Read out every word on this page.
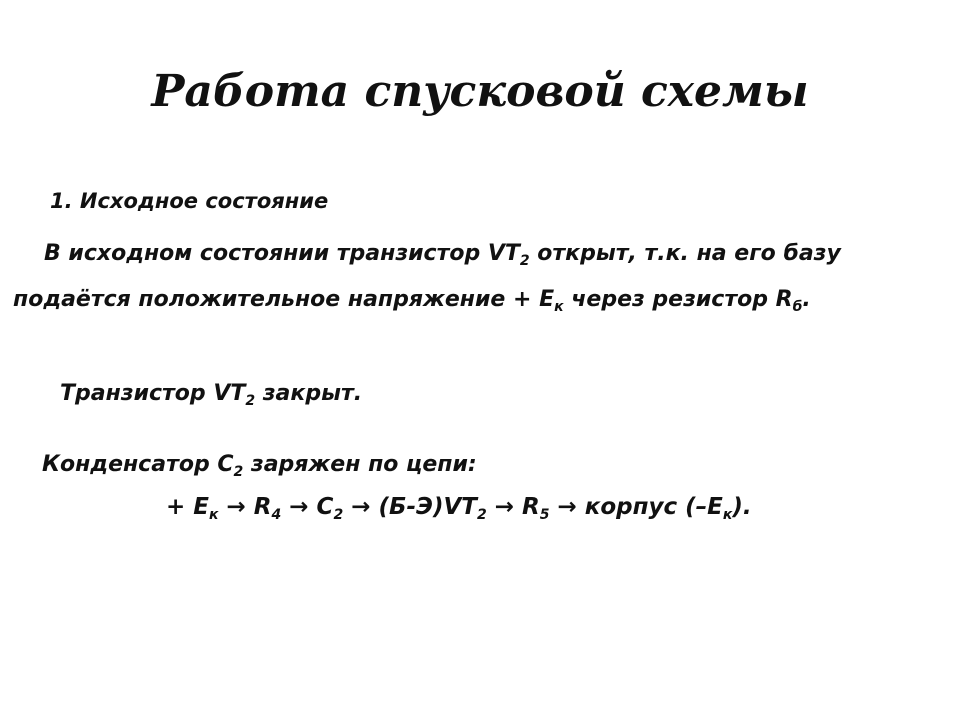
Работа спусковой схемы
1. Исходное состояние
В исходном состоянии транзистор $VT_2$ открыт, т.к. на его базу
подаётся положительное напряжение + $Е_к$ через резистор $R_б$.
Транзистор $VT_2$ закрыт.
Конденсатор $С_2$ заряжен по цепи:
+ $Е_к \to R_4 \to С_2 \to (Б-Э)VT_2 \to R_5$ → корпус $(-Е_к)$.
